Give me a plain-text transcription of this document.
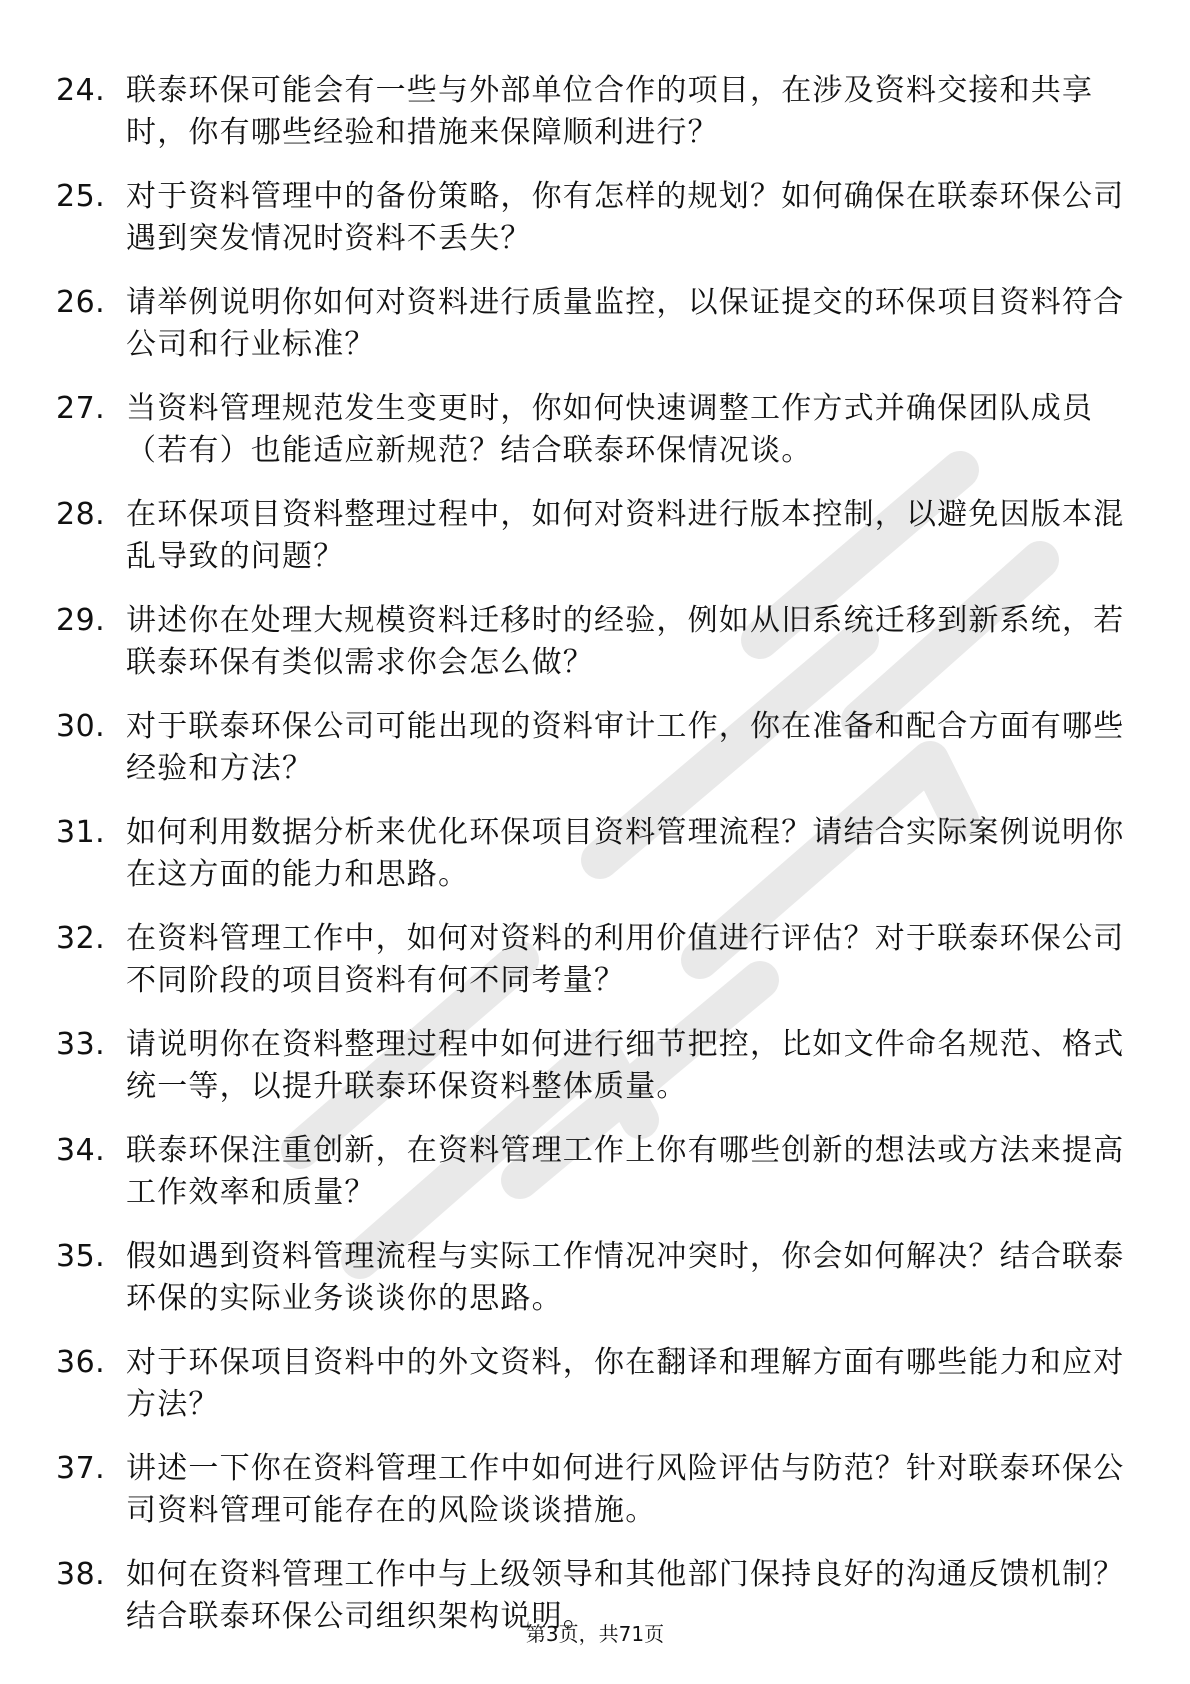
24. 联泰环保可能会有一些与外部单位合作的项目，在涉及资料交接和共享时，你有哪些经验和措施来保障顺利进行？
25. 对于资料管理中的备份策略，你有怎样的规划？如何确保在联泰环保公司遇到突发情况时资料不丢失？
26. 请举例说明你如何对资料进行质量监控，以保证提交的环保项目资料符合公司和行业标准？
27. 当资料管理规范发生变更时，你如何快速调整工作方式并确保团队成员（若有）也能适应新规范？结合联泰环保情况谈。
28. 在环保项目资料整理过程中，如何对资料进行版本控制，以避免因版本混乱导致的问题？
29. 讲述你在处理大规模资料迁移时的经验，例如从旧系统迁移到新系统，若联泰环保有类似需求你会怎么做？
30. 对于联泰环保公司可能出现的资料审计工作，你在准备和配合方面有哪些经验和方法？
31. 如何利用数据分析来优化环保项目资料管理流程？请结合实际案例说明你在这方面的能力和思路。
32. 在资料管理工作中，如何对资料的利用价值进行评估？对于联泰环保公司不同阶段的项目资料有何不同考量？
33. 请说明你在资料整理过程中如何进行细节把控，比如文件命名规范、格式统一等，以提升联泰环保资料整体质量。
34. 联泰环保注重创新，在资料管理工作上你有哪些创新的想法或方法来提高工作效率和质量？
35. 假如遇到资料管理流程与实际工作情况冲突时，你会如何解决？结合联泰环保的实际业务谈谈你的思路。
36. 对于环保项目资料中的外文资料，你在翻译和理解方面有哪些能力和应对方法？
37. 讲述一下你在资料管理工作中如何进行风险评估与防范？针对联泰环保公司资料管理可能存在的风险谈谈措施。
38. 如何在资料管理工作中与上级领导和其他部门保持良好的沟通反馈机制？结合联泰环保公司组织架构说明。
第3页，共71页
